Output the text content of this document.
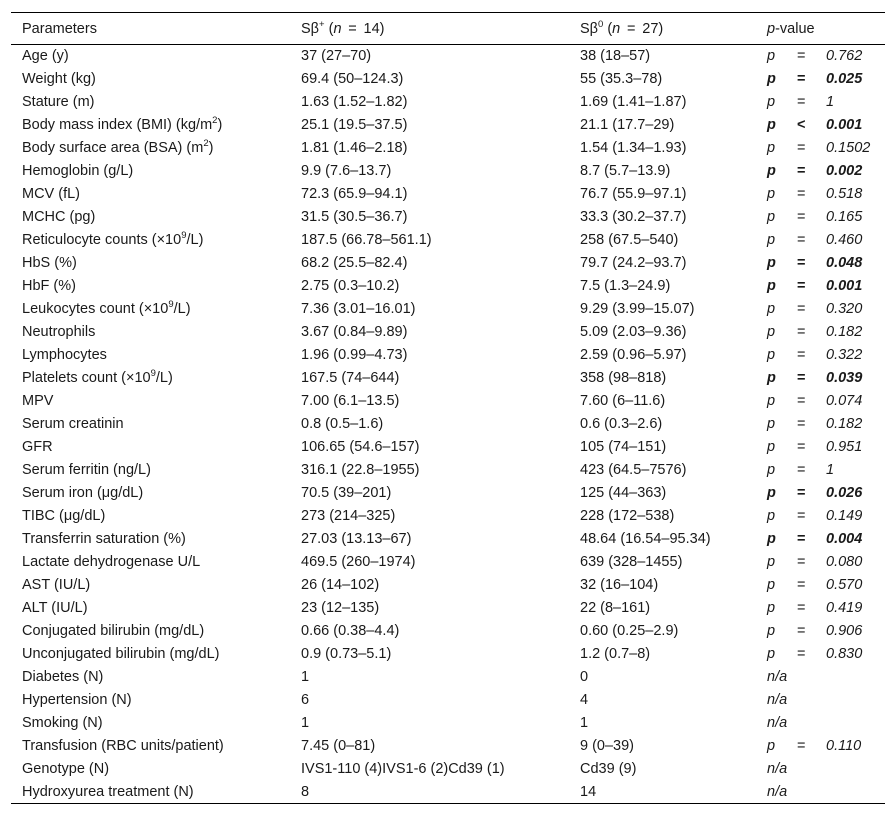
Parameters	Sβ+ (n = 14)	$S\beta^0$ (n = 27)	p-value
Age (y)	37 (27–70)	38 (18–57)	p = 0.762
Weight (kg)	69.4 (50–124.3)	55 (35.3–78)	p = 0.025
Stature (m)	1.63 (1.52–1.82)	1.69 (1.41–1.87)	p = 1
Body mass index (BMI) $(kg/m^2)$	25.1 (19.5–37.5)	21.1 (17.7–29)	p < 0.001
Body surface area (BSA) $(m^2)$	1.81 (1.46–2.18)	1.54 (1.34–1.93)	p = 0.1502
Hemoglobin (g/L)	9.9 (7.6–13.7)	8.7 (5.7–13.9)	p = 0.002
MCV (fL)	72.3 (65.9–94.1)	76.7 (55.9–97.1)	p = 0.518
MCHC (pg)	31.5 (30.5–36.7)	33.3 (30.2–37.7)	p = 0.165
Reticulocyte counts $(\times 10^9/L)$	187.5 (66.78–561.1)	258 (67.5–540)	p = 0.460
HbS (%)	68.2 (25.5–82.4)	79.7 (24.2–93.7)	p = 0.048
HbF (%)	2.75 (0.3–10.2)	7.5 (1.3–24.9)	p = 0.001
Leukocytes count $(\times 10^9/L)$	7.36 (3.01–16.01)	9.29 (3.99–15.07)	p = 0.320
Neutrophils	3.67 (0.84–9.89)	5.09 (2.03–9.36)	p = 0.182
Lymphocytes	1.96 (0.99–4.73)	2.59 (0.96–5.97)	p = 0.322
Platelets count $(\times 10^9/L)$	167.5 (74–644)	358 (98–818)	p = 0.039
MPV	7.00 (6.1–13.5)	7.60 (6–11.6)	p = 0.074
Serum creatinin	0.8 (0.5–1.6)	0.6 (0.3–2.6)	p = 0.182
GFR	106.65 (54.6–157)	105 (74–151)	p = 0.951
Serum ferritin (ng/L)	316.1 (22.8–1955)	423 (64.5–7576)	p = 1
Serum iron (μg/dL)	70.5 (39–201)	125 (44–363)	p = 0.026
TIBC (μg/dL)	273 (214–325)	228 (172–538)	p = 0.149
Transferrin saturation (%)	27.03 (13.13–67)	48.64 (16.54–95.34)	p = 0.004
Lactate dehydrogenase U/L	469.5 (260–1974)	639 (328–1455)	p = 0.080
AST (IU/L)	26 (14–102)	32 (16–104)	p = 0.570
ALT (IU/L)	23 (12–135)	22 (8–161)	p = 0.419
Conjugated bilirubin (mg/dL)	0.66 (0.38–4.4)	0.60 (0.25–2.9)	p = 0.906
Unconjugated bilirubin (mg/dL)	0.9 (0.73–5.1)	1.2 (0.7–8)	p = 0.830
Diabetes (N)	1	0	n/a
Hypertension (N)	6	4	n/a
Smoking (N)	1	1	n/a
Transfusion (RBC units/patient)	7.45 (0–81)	9 (0–39)	p = 0.110
Genotype (N)	IVS1-110 (4)IVS1-6 (2)Cd39 (1)	Cd39 (9)	n/a
Hydroxyurea treatment (N)	8	14	n/a
